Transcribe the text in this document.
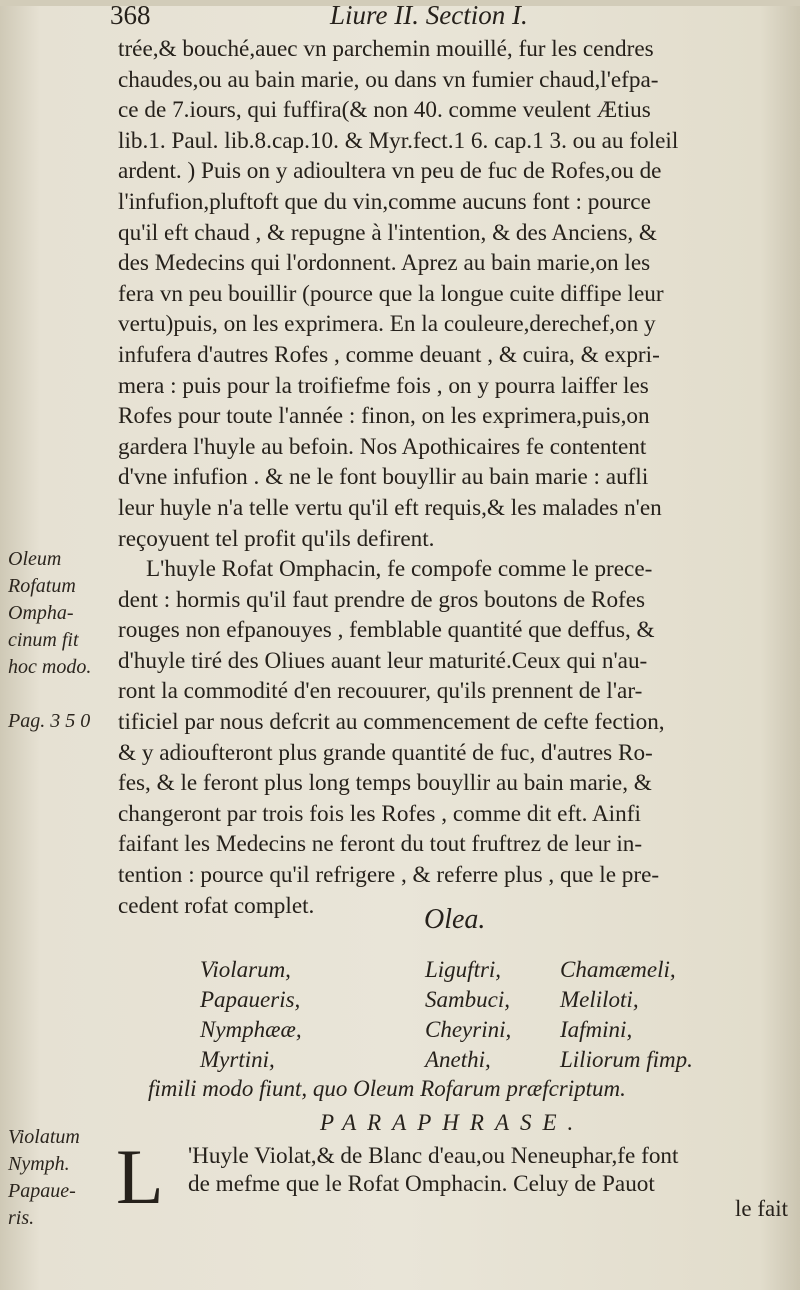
368	Liure II. Section I.
trée,& bouché,auec vn parchemin mouillé, fur les cendres
chaudes,ou au bain marie, ou dans vn fumier chaud,l'efpa-
ce de 7.iours, qui fuffira(& non 40. comme veulent Ætius
lib.1. Paul. lib.8.cap.10. & Myr.fect.1 6. cap.1 3. ou au foleil
ardent. ) Puis on y adioultera vn peu de fuc de Rofes,ou de
l'infufion,pluftoft que du vin,comme aucuns font : pource
qu'il eft chaud , & repugne à l'intention, & des Anciens, &
des Medecins qui l'ordonnent. Aprez au bain marie,on les
fera vn peu bouillir (pource que la longue cuite diffipe leur
vertu)puis, on les exprimera. En la couleure,derechef,on y
infufera d'autres Rofes , comme deuant , & cuira, & expri-
mera : puis pour la troifiefme fois , on y pourra laiffer les
Rofes pour toute l'année : finon, on les exprimera,puis,on
gardera l'huyle au befoin. Nos Apothicaires fe contentent
d'vne infufion . & ne le font bouyllir au bain marie : aufli
leur huyle n'a telle vertu qu'il eft requis,& les malades n'en
reçoyuent tel profit qu'ils defirent.
L'huyle Rofat Omphacin, fe compofe comme le prece-
dent : hormis qu'il faut prendre de gros boutons de Rofes
rouges non efpanouyes , femblable quantité que deffus, &
d'huyle tiré des Oliues auant leur maturité.Ceux qui n'au-
ront la commodité d'en recouurer, qu'ils prennent de l'ar-
tificiel par nous defcrit au commencement de cefte fection,
& y adioufteront plus grande quantité de fuc, d'autres Ro-
fes, & le feront plus long temps bouyllir au bain marie, &
changeront par trois fois les Rofes , comme dit eft. Ainfi
faifant les Medecins ne feront du tout fruftrez de leur in-
tention : pource qu'il refrigere , & referre plus , que le pre-
cedent rofat complet.
Oleum
Rofatum
Ompha-
cinum fit
hoc modo.
Pag. 3 5 0
Olea.
Violarum,	Liguftri,	Chamæmeli,
Papaueris,	Sambuci, Meliloti,
Nymphææ,	Cheyrini, Iafmini,
Myrtini,	Anethi,	Liliorum fimp.
fimili modo fiunt, quo Oleum Rofarum præfcriptum.
PARAPHRASE.
Violatum
Nymph.
Papaue-
ris.	L 'Huyle Violat,& de Blanc d'eau,ou Neneuphar,fe font
de mefme que le Rofat Omphacin. Celuy de Pauot
le fait
